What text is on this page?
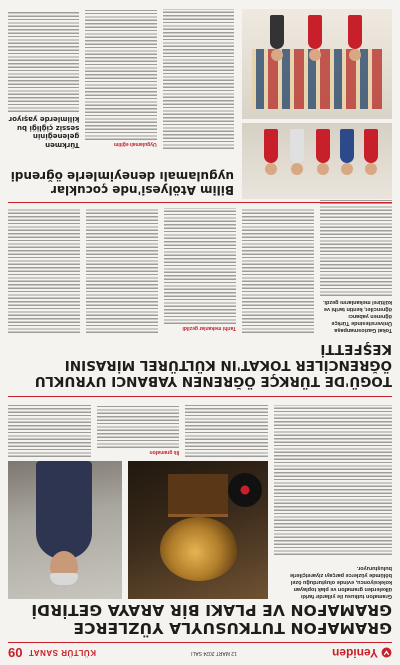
Yeniden
12 MART 2024 SALI
KÜLTÜR SANAT
09
GRAMAFON TUTKUSUYLA YÜZLERCE GRAMAFON VE PLAKI BİR ARAYA GETİRDİ
Gramafon tutkusu ile yıllardır farklı ülkelerden gramafon ve plak toplayan koleksiyoncu, evinde oluşturduğu özel bölümde yüzlerce parçayı ziyaretçilerle buluşturuyor.
İlk gramafon
TOGÜ'DE TÜRKÇE ÖĞRENEN YABANCI UYRUKLU ÖĞRENCİLER TOKAT'IN KÜLTÜREL MİRASINI KEŞFETTİ
Tokat Gaziosmanpaşa Üniversitesinde Türkçe öğrenen yabancı öğrenciler, kentin tarihi ve kültürel mekanlarını gezdi.
Tarihi mekanlar gezildi
Bilim Atölyesi'nde çocuklar uygulamalı deneyimlerle öğrendi
Uygulamalı eğitim
Türkmen geleneğinin sessiz çiğliği bu kilimlerde yaşıyor
